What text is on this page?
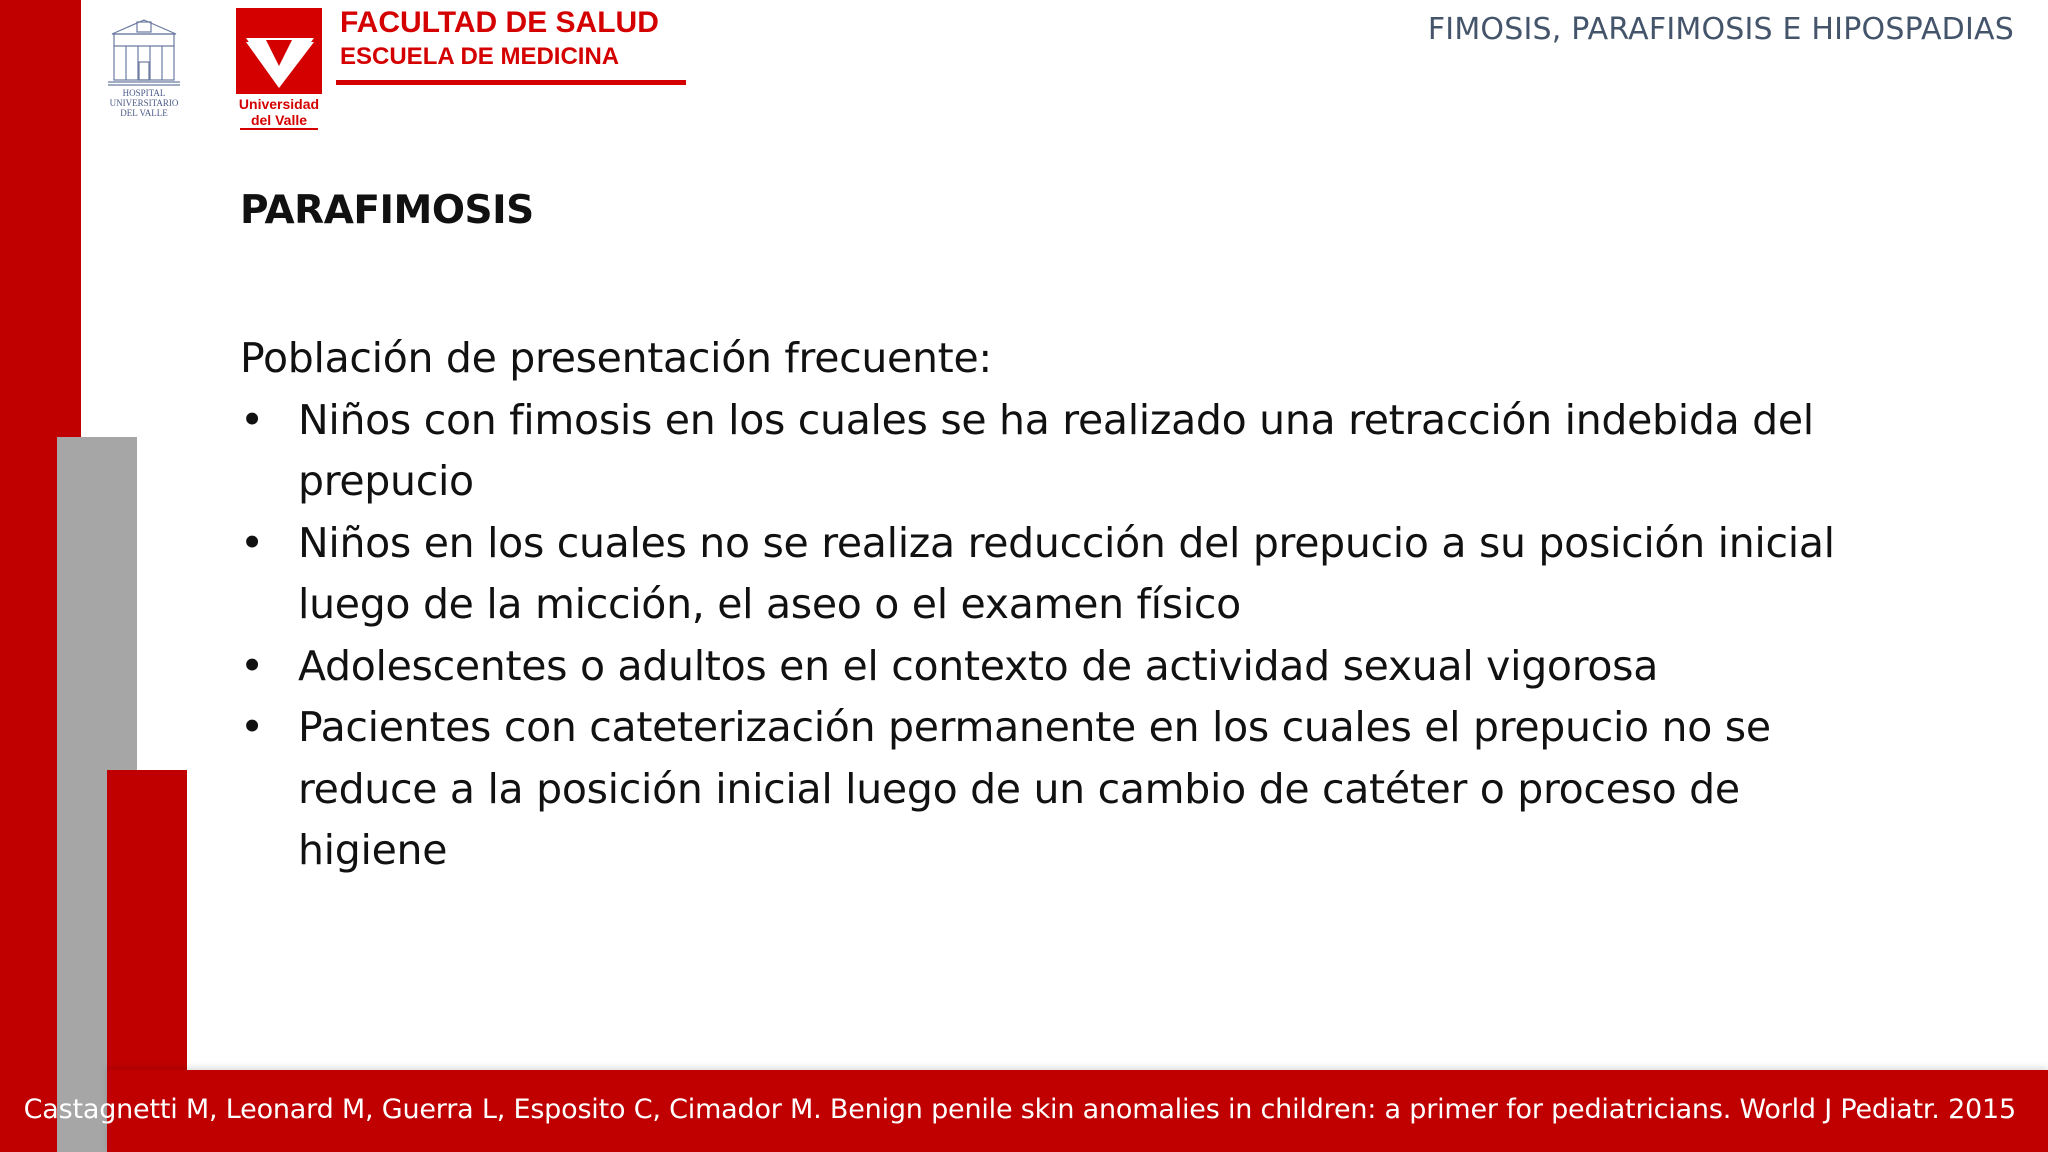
HOSPITAL UNIVERSITARIO
DEL VALLE
Universidad
del Valle
FACULTAD DE SALUD
ESCUELA DE MEDICINA
FIMOSIS, PARAFIMOSIS E HIPOSPADIAS
PARAFIMOSIS

Población de presentación frecuente:

• Niños con fimosis en los cuales se ha realizado una retracción indebida del prepucio
• Niños en los cuales no se realiza reducción del prepucio a su posición inicial luego de la micción, el aseo o el examen físico
• Adolescentes o adultos en el contexto de actividad sexual vigorosa
• Pacientes con cateterización permanente en los cuales el prepucio no se reduce a la posición inicial luego de un cambio de catéter o proceso de higiene
Castagnetti M, Leonard M, Guerra L, Esposito C, Cimador M. Benign penile skin anomalies in children: a primer for pediatricians. World J Pediatr. 2015
